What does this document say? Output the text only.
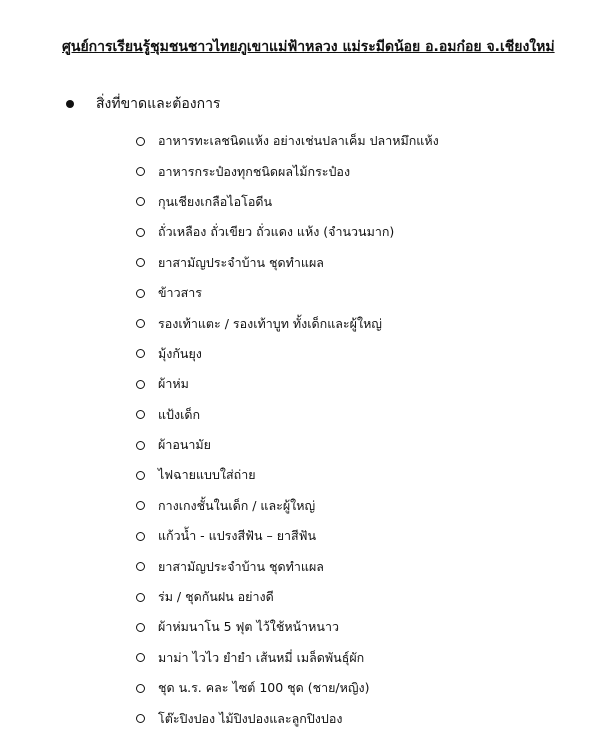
ศูนย์การเรียนรู้ชุมชนชาวไทยภูเขาแม่ฟ้าหลวง แม่ระมีดน้อย อ.อมก๋อย จ.เชียงใหม่
สิ่งที่ขาดและต้องการ
อาหารทะเลชนิดแห้ง อย่างเช่นปลาเค็ม ปลาหมึกแห้ง
อาหารกระป๋องทุกชนิดผลไม้กระป๋อง
กุนเชียงเกลือไอโอดีน
ถั่วเหลือง ถั่วเขียว ถั่วแดง แห้ง (จำนวนมาก)
ยาสามัญประจำบ้าน ชุดทำแผล
ข้าวสาร
รองเท้าแตะ / รองเท้าบูท ทั้งเด็กและผู้ใหญ่
มุ้งกันยุง
ผ้าห่ม
แป้งเด็ก
ผ้าอนามัย
ไฟฉายแบบใส่ถ่าย
กางเกงชั้นในเด็ก / และผู้ใหญ่
แก้วน้ำ - แปรงสีฟัน – ยาสีฟัน
ยาสามัญประจำบ้าน ชุดทำแผล
ร่ม / ชุดกันฝน อย่างดี
ผ้าห่มนาโน 5 ฟุต ไว้ใช้หน้าหนาว
มาม่า ไวไว ยำยำ เส้นหมี่ เมล็ดพันธุ์ผัก
ชุด น.ร. คละ ไซต์ 100 ชุด (ชาย/หญิง)
โต๊ะปิงปอง ไม้ปิงปองและลูกปิงปอง
